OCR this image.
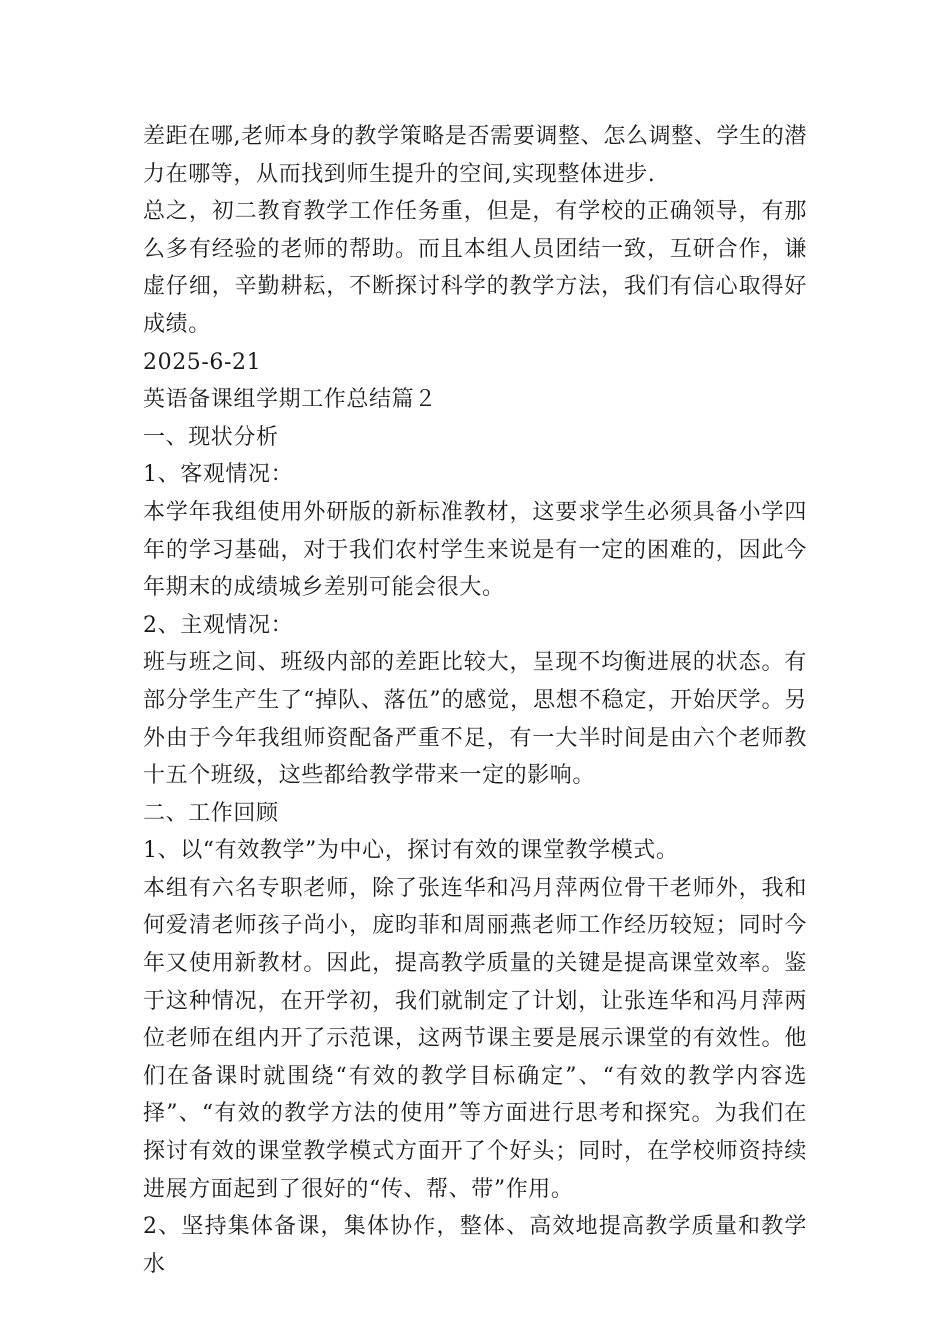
差距在哪,老师本身的教学策略是否需要调整、怎么调整、学生的潜力在哪等，从而找到师生提升的空间,实现整体进步.

总之，初二教育教学工作任务重，但是，有学校的正确领导，有那么多有经验的老师的帮助。而且本组人员团结一致，互研合作，谦虚仔细，辛勤耕耘，不断探讨科学的教学方法，我们有信心取得好成绩。

2025-6-21

英语备课组学期工作总结篇２

一、现状分析

1、客观情况：

本学年我组使用外研版的新标准教材，这要求学生必须具备小学四年的学习基础，对于我们农村学生来说是有一定的困难的，因此今年期末的成绩城乡差别可能会很大。

2、主观情况：

班与班之间、班级内部的差距比较大，呈现不均衡进展的状态。有部分学生产生了“掉队、落伍”的感觉，思想不稳定，开始厌学。另外由于今年我组师资配备严重不足，有一大半时间是由六个老师教十五个班级，这些都给教学带来一定的影响。

二、工作回顾

1、以“有效教学”为中心，探讨有效的课堂教学模式。

本组有六名专职老师，除了张连华和冯月萍两位骨干老师外，我和何爱清老师孩子尚小，庞昀菲和周丽燕老师工作经历较短；同时今年又使用新教材。因此，提高教学质量的关键是提高课堂效率。鉴于这种情况，在开学初，我们就制定了计划，让张连华和冯月萍两位老师在组内开了示范课，这两节课主要是展示课堂的有效性。他们在备课时就围绕“有效的教学目标确定”、“有效的教学内容选择”、“有效的教学方法的使用”等方面进行思考和探究。为我们在探讨有效的课堂教学模式方面开了个好头；同时，在学校师资持续进展方面起到了很好的“传、帮、带”作用。

2、坚持集体备课，集体协作，整体、高效地提高教学质量和教学水
